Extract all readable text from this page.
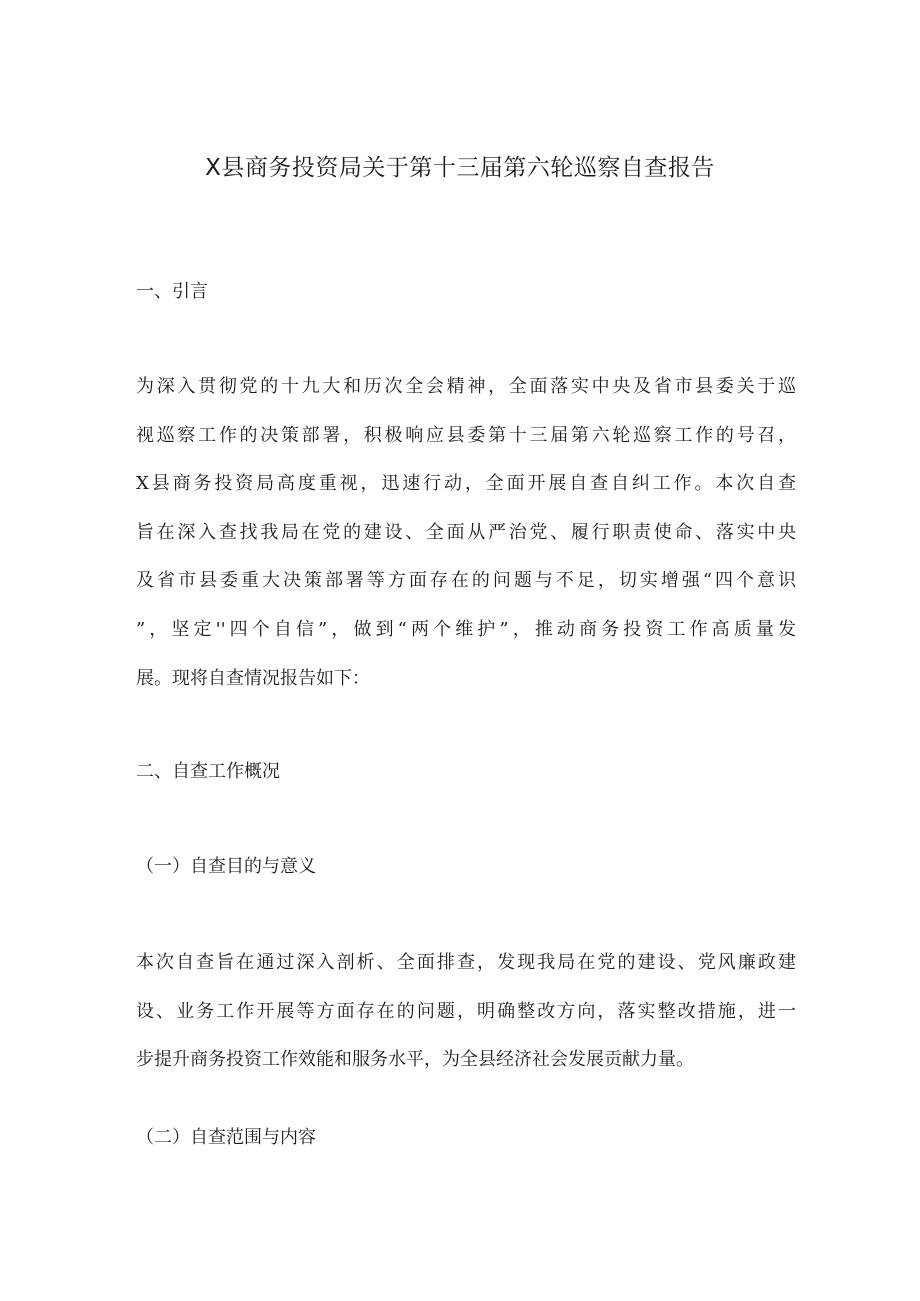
X县商务投资局关于第十三届第六轮巡察自查报告
一、引言
为深入贯彻党的十九大和历次全会精神，全面落实中央及省市县委关于巡
视巡察工作的决策部署，积极响应县委第十三届第六轮巡察工作的号召，
X县商务投资局高度重视，迅速行动，全面开展自查自纠工作。本次自查
旨在深入查找我局在党的建设、全面从严治党、履行职责使命、落实中央
及省市县委重大决策部署等方面存在的问题与不足，切实增强“四个意识
”，坚定''四个自信”，做到“两个维护”，推动商务投资工作高质量发
展。现将自查情况报告如下：
二、自查工作概况
（一）自查目的与意义
本次自查旨在通过深入剖析、全面排查，发现我局在党的建设、党风廉政建
设、业务工作开展等方面存在的问题，明确整改方向，落实整改措施，进一
步提升商务投资工作效能和服务水平，为全县经济社会发展贡献力量。
（二）自查范围与内容
